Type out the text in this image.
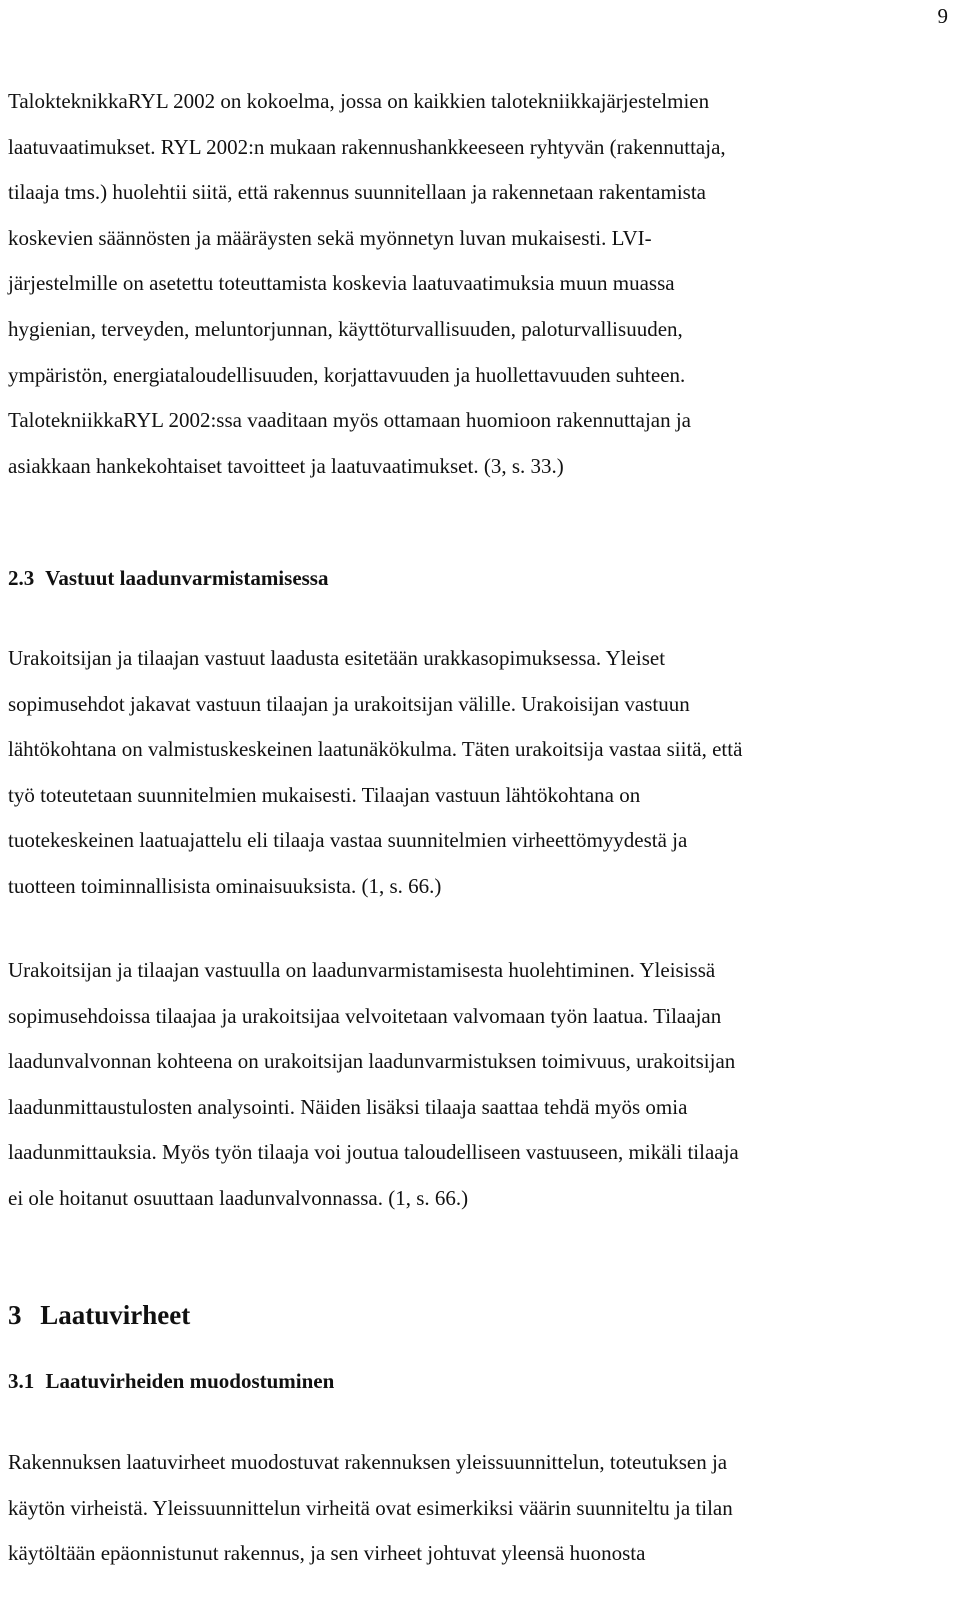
9

TalokteknikkaRYL 2002 on kokoelma, jossa on kaikkien talotekniikkajärjestelmien
laatuvaatimukset. RYL 2002:n mukaan rakennushankkeeseen ryhtyvän (rakennuttaja,
tilaaja tms.) huolehtii siitä, että rakennus suunnitellaan ja rakennetaan rakentamista
koskevien säännösten ja määräysten sekä myönnetyn luvan mukaisesti. LVI-
järjestelmille on asetettu toteuttamista koskevia laatuvaatimuksia muun muassa
hygienian, terveyden, meluntorjunnan, käyttöturvallisuuden, paloturvallisuuden,
ympäristön, energiataloudellisuuden, korjattavuuden ja huollettavuuden suhteen.
TalotekniikkaRYL 2002:ssa vaaditaan myös ottamaan huomioon rakennuttajan ja
asiakkaan hankekohtaiset tavoitteet ja laatuvaatimukset. (3, s. 33.)

2.3 Vastuut laadunvarmistamisessa

Urakoitsijan ja tilaajan vastuut laadusta esitetään urakkasopimuksessa. Yleiset
sopimusehdot jakavat vastuun tilaajan ja urakoitsijan välille. Urakoisijan vastuun
lähtökohtana on valmistuskeskeinen laatunäkökulma. Täten urakoitsija vastaa siitä, että
työ toteutetaan suunnitelmien mukaisesti. Tilaajan vastuun lähtökohtana on
tuotekeskeinen laatuajattelu eli tilaaja vastaa suunnitelmien virheettömyydestä ja
tuotteen toiminnallisista ominaisuuksista. (1, s. 66.)

Urakoitsijan ja tilaajan vastuulla on laadunvarmistamisesta huolehtiminen. Yleisissä
sopimusehdoissa tilaajaa ja urakoitsijaa velvoitetaan valvomaan työn laatua. Tilaajan
laadunvalvonnan kohteena on urakoitsijan laadunvarmistuksen toimivuus, urakoitsijan
laadunmittaustulosten analysointi. Näiden lisäksi tilaaja saattaa tehdä myös omia
laadunmittauksia. Myös työn tilaaja voi joutua taloudelliseen vastuuseen, mikäli tilaaja
ei ole hoitanut osuuttaan laadunvalvonnassa. (1, s. 66.)

3 Laatuvirheet
3.1 Laatuvirheiden muodostuminen

Rakennuksen laatuvirheet muodostuvat rakennuksen yleissuunnittelun, toteutuksen ja
käytön virheistä. Yleissuunnittelun virheitä ovat esimerkiksi väärin suunniteltu ja tilan
käytöltään epäonnistunut rakennus, ja sen virheet johtuvat yleensä huonosta
